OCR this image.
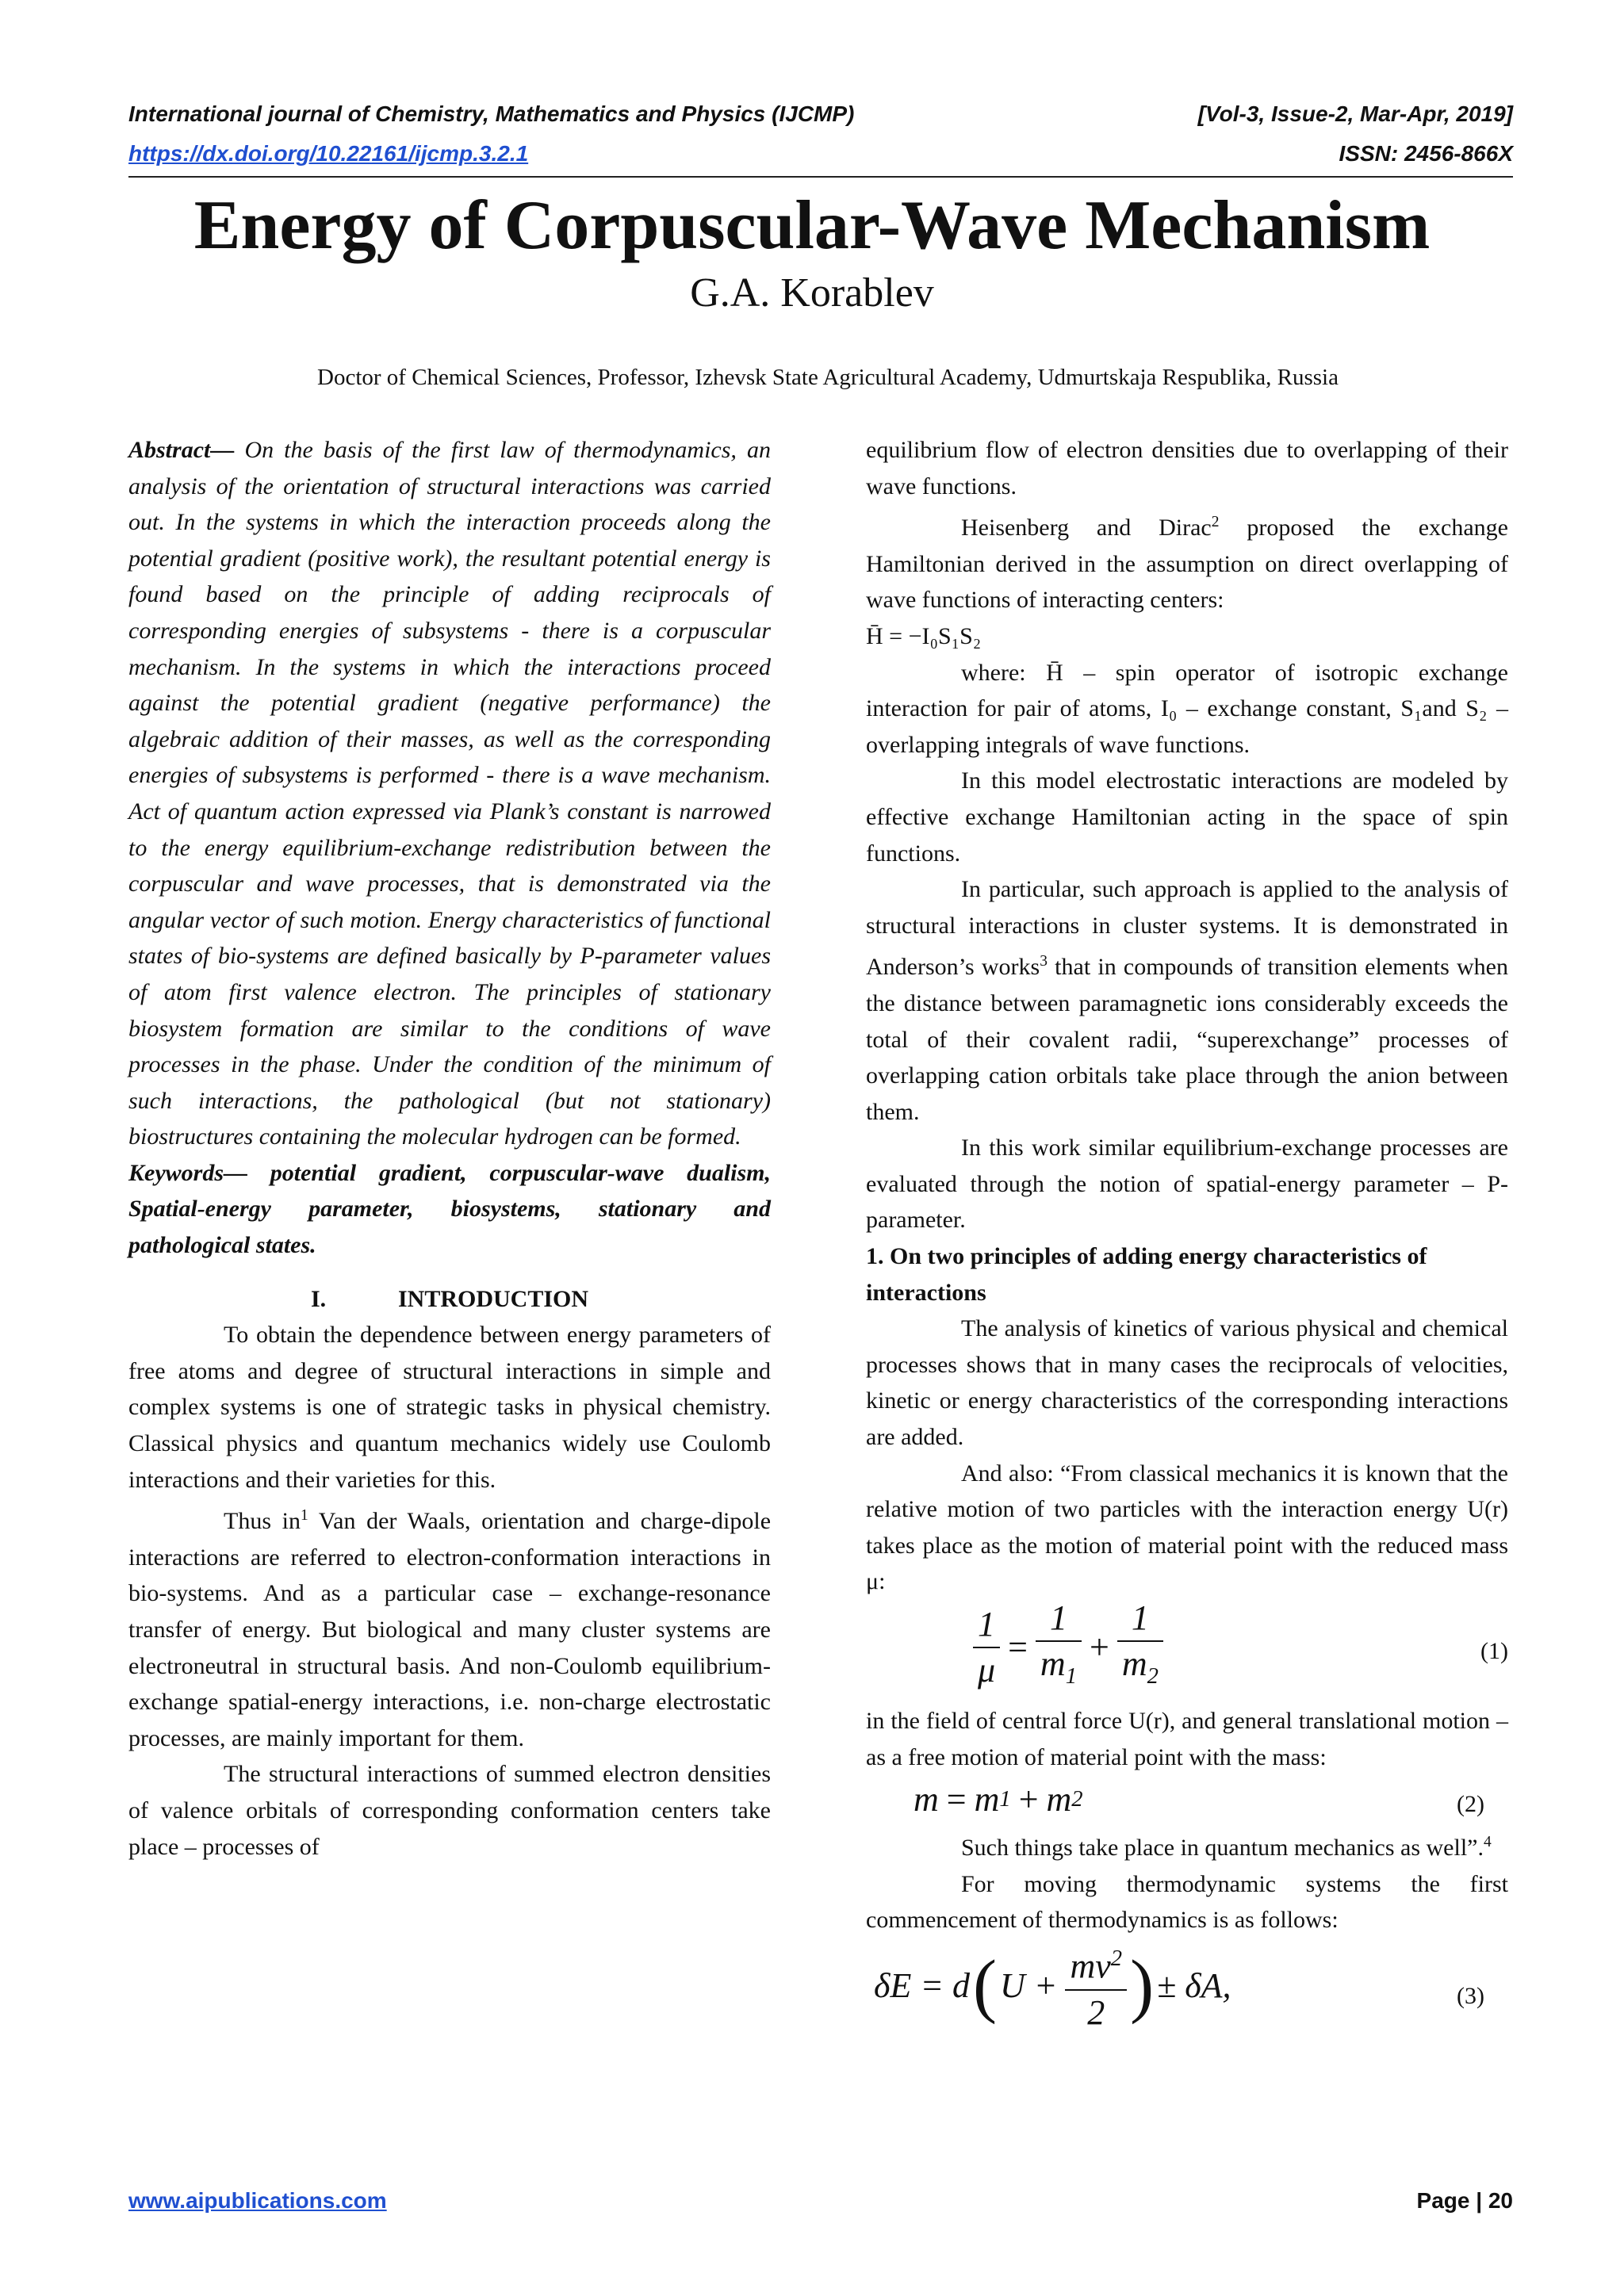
International journal of Chemistry, Mathematics and Physics (IJCMP)	[Vol-3, Issue-2, Mar-Apr, 2019]
https://dx.doi.org/10.22161/ijcmp.3.2.1	ISSN: 2456-866X
Energy of Corpuscular-Wave Mechanism
G.A. Korablev
Doctor of Chemical Sciences, Professor, Izhevsk State Agricultural Academy, Udmurtskaja Respublika, Russia

Abstract— On the basis of the first law of thermodynamics, an analysis of the orientation of structural interactions was carried out. In the systems in which the interaction proceeds along the potential gradient (positive work), the resultant potential energy is found based on the principle of adding reciprocals of corresponding energies of subsystems - there is a corpuscular mechanism. In the systems in which the interactions proceed against the potential gradient (negative performance) the algebraic addition of their masses, as well as the corresponding energies of subsystems is performed - there is a wave mechanism. Act of quantum action expressed via Plank’s constant is narrowed to the energy equilibrium-exchange redistribution between the corpuscular and wave processes, that is demonstrated via the angular vector of such motion. Energy characteristics of functional states of bio-systems are defined basically by P-parameter values of atom first valence electron. The principles of stationary biosystem formation are similar to the conditions of wave processes in the phase. Under the condition of the minimum of such interactions, the pathological (but not stationary) biostructures containing the molecular hydrogen can be formed.

Keywords— potential gradient, corpuscular-wave dualism, Spatial-energy parameter, biosystems, stationary and pathological states.

I.	INTRODUCTION

To obtain the dependence between energy parameters of free atoms and degree of structural interactions in simple and complex systems is one of strategic tasks in physical chemistry. Classical physics and quantum mechanics widely use Coulomb interactions and their varieties for this.

Thus $in^1$ Van der Waals, orientation and charge-dipole interactions are referred to electron-conformation interactions in bio-systems. And as a particular case – exchange-resonance transfer of energy. But biological and many cluster systems are electroneutral in structural basis. And non-Coulomb equilibrium-exchange spatial-energy interactions, i.e. non-charge electrostatic processes, are mainly important for them.

The structural interactions of summed electron densities of valence orbitals of corresponding conformation centers take place – processes of

equilibrium flow of electron densities due to overlapping of their wave functions.

Heisenberg and Dirac$^2$ proposed the exchange Hamiltonian derived in the assumption on direct overlapping of wave functions of interacting centers:

H̄ = −I₀S₁S₂

where: H̄ – spin operator of isotropic exchange interaction for pair of atoms, I₀ – exchange constant, S₁and S₂ – overlapping integrals of wave functions.

In this model electrostatic interactions are modeled by effective exchange Hamiltonian acting in the space of spin functions.

In particular, such approach is applied to the analysis of structural interactions in cluster systems. It is demonstrated in Anderson’s works$^3$ that in compounds of transition elements when the distance between paramagnetic ions considerably exceeds the total of their covalent radii, “superexchange” processes of overlapping cation orbitals take place through the anion between them.

In this work similar equilibrium-exchange processes are evaluated through the notion of spatial-energy parameter – P-parameter.

1. On two principles of adding energy characteristics of interactions

The analysis of kinetics of various physical and chemical processes shows that in many cases the reciprocals of velocities, kinetic or energy characteristics of the corresponding interactions are added.

And also: “From classical mechanics it is known that the relative motion of two particles with the interaction energy U(r) takes place as the motion of material point with the reduced mass μ:

$\frac{1}{\mu} = \frac{1}{m_1} + \frac{1}{m_2}$	(1)

in the field of central force U(r), and general translational motion – as a free motion of material point with the mass:

m = m 1 + m 2	(2)

Such things take place in quantum mechanics as well”.$^4$

For moving thermodynamic systems the first commencement of thermodynamics is as follows:

δE = d ( $U + \frac{mv^2}{2}$ ) ± δA,	(3)
www.aipublications.com	Page | 20
